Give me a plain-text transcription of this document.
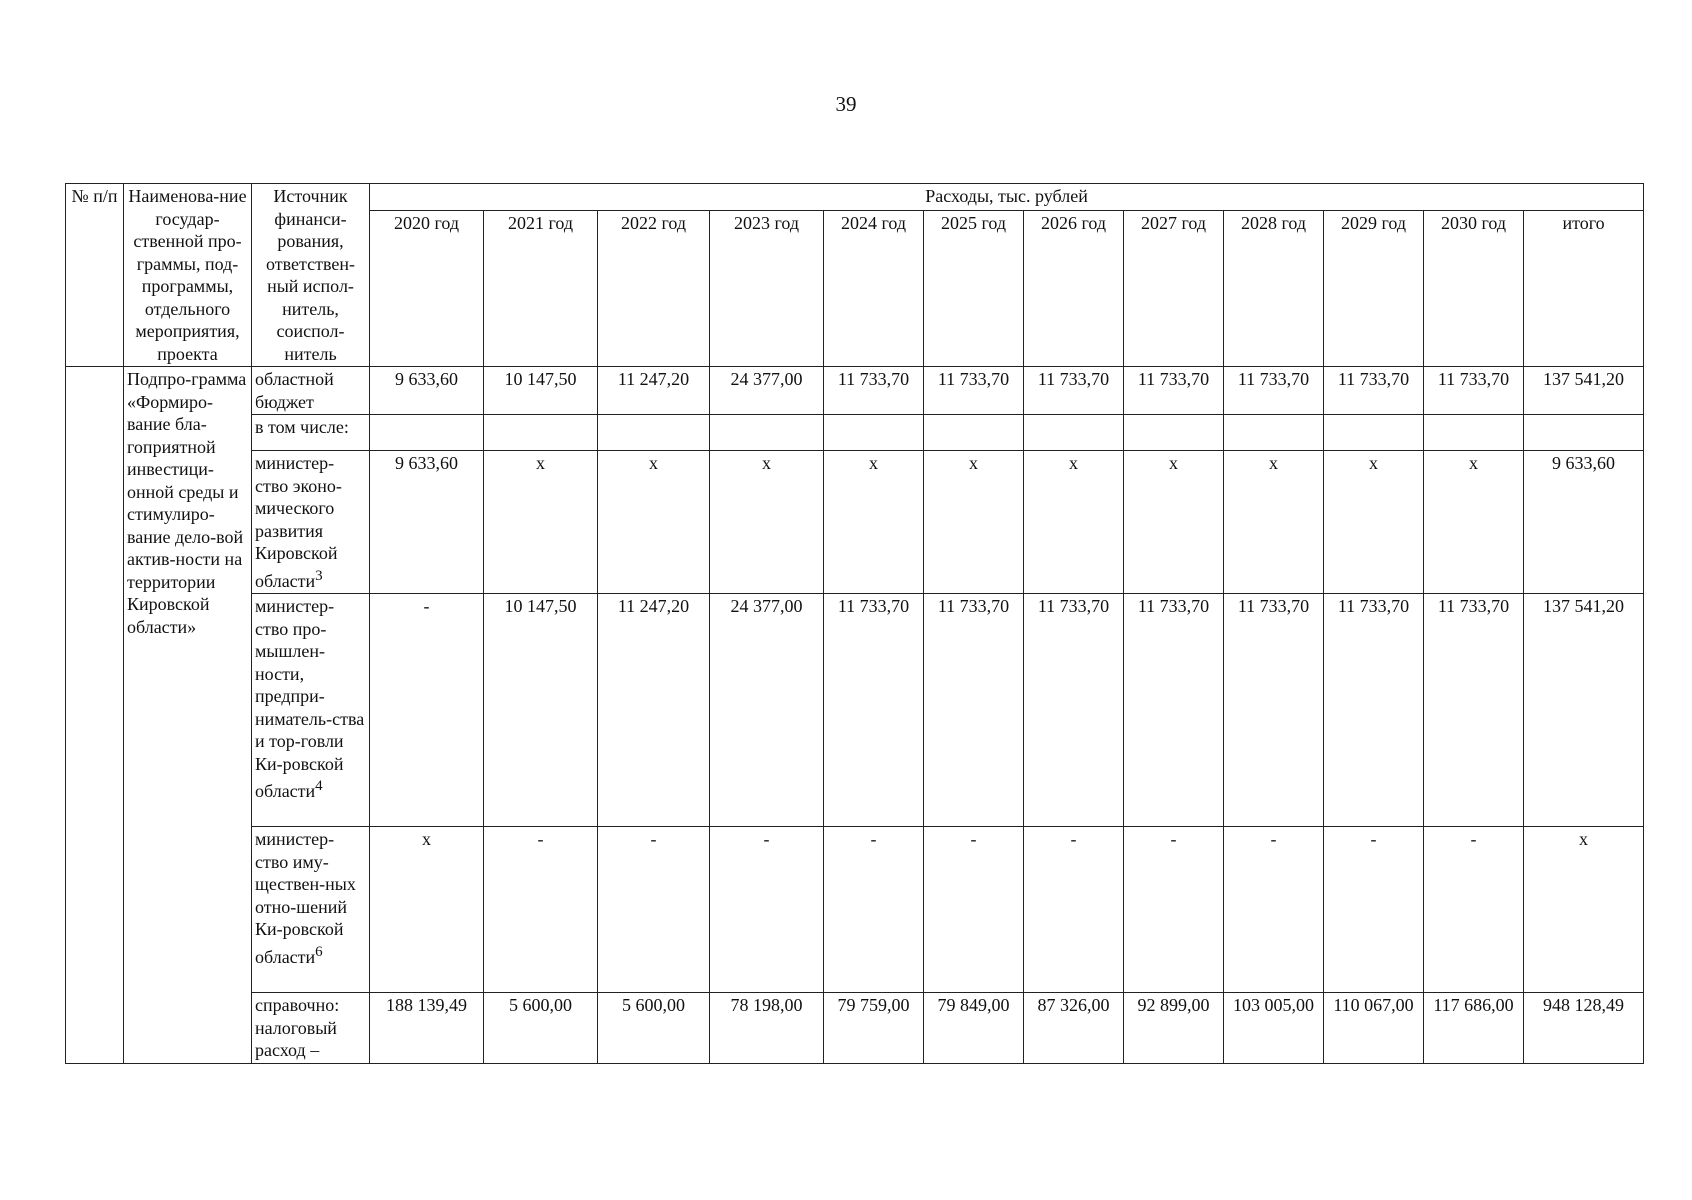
39
№ п/п	Наименова-ние государ-ственной про-граммы, под-программы, отдельного мероприятия, проекта	Источник финанси-рования, ответствен-ный испол-нитель, соиспол-нитель	Расходы, тыс. рублей											
			2020 год	2021 год	2022 год	2023 год	2024 год	2025 год	2026 год	2027 год	2028 год	2029 год	2030 год	итого
	Подпро-грамма «Формиро-вание бла-гоприятной инвестици-онной среды и стимулиро-вание дело-вой актив-ности на территории Кировской области»	областной бюджет	9 633,60	10 147,50	11 247,20	24 377,00	11 733,70	11 733,70	11 733,70	11 733,70	11 733,70	11 733,70	11 733,70	137 541,20
		в том числе:												
		министер-ство эконо-мического развития Кировской области$^3$	9 633,60	x	x	x	x	x	x	x	x	x	x	9 633,60
		министер-ство про-мышлен-ности, предпри-ниматель-ства и тор-говли Ки-ровской области$^4$	-	10 147,50	11 247,20	24 377,00	11 733,70	11 733,70	11 733,70	11 733,70	11 733,70	11 733,70	11 733,70	137 541,20
		министер-ство иму-ществен-ных отно-шений Ки-ровской области$^6$	x	-	-	-	-	-	-	-	-	-	-	x
		справочно: налоговый расход –	188 139,49	5 600,00	5 600,00	78 198,00	79 759,00	79 849,00	87 326,00	92 899,00	103 005,00	110 067,00	117 686,00	948 128,49
